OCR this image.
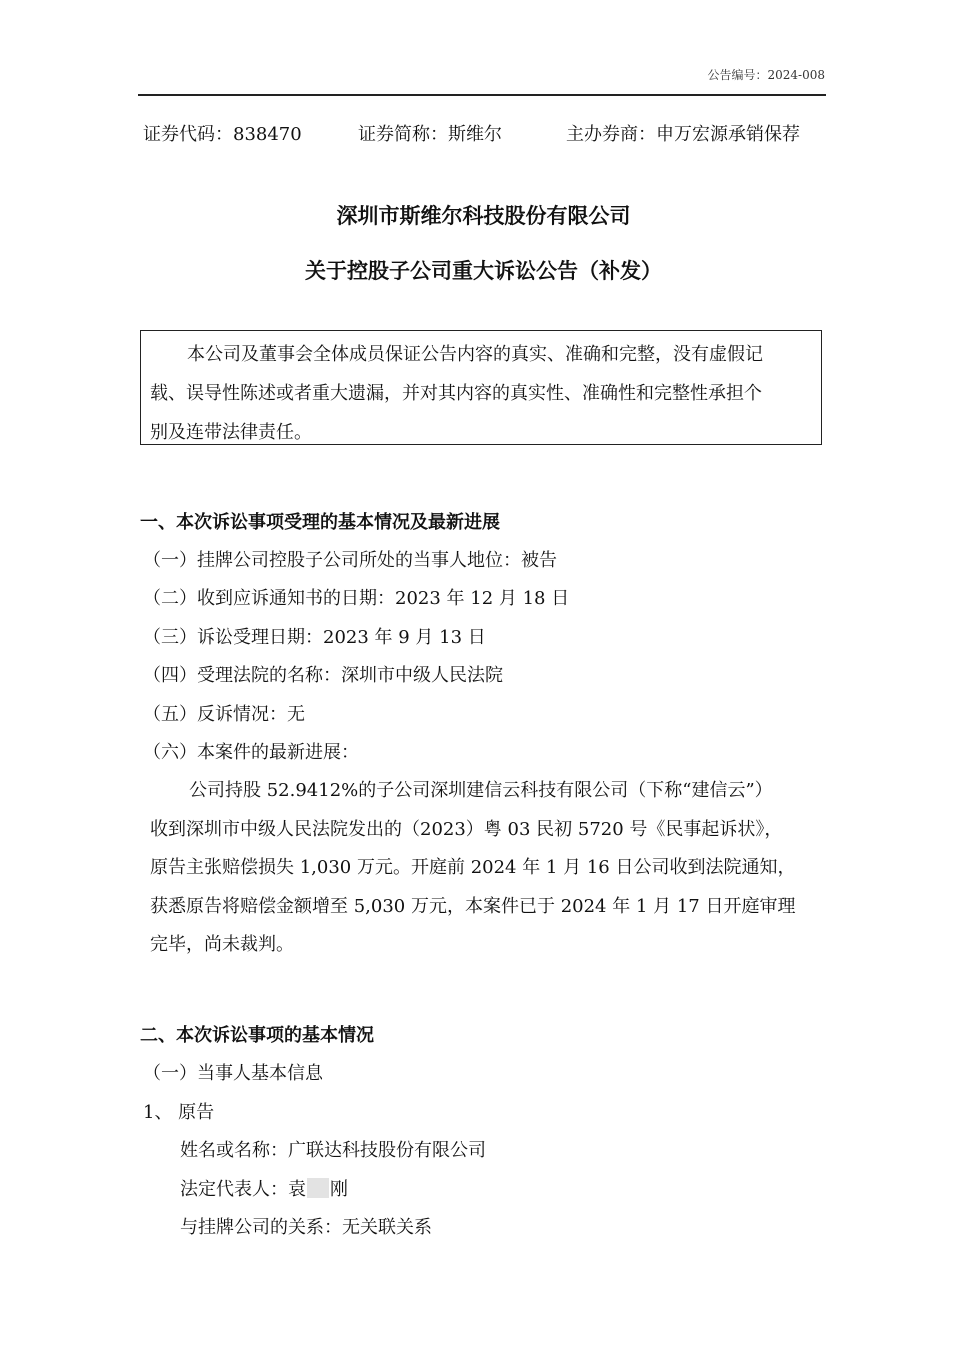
公告编号：2024-008
证券代码：838470	证券简称：斯维尔	主办券商：申万宏源承销保荐
深圳市斯维尔科技股份有限公司
关于控股子公司重大诉讼公告（补发）
本公司及董事会全体成员保证公告内容的真实、准确和完整，没有虚假记
载、误导性陈述或者重大遗漏，并对其内容的真实性、准确性和完整性承担个
别及连带法律责任。
一、本次诉讼事项受理的基本情况及最新进展
（一）挂牌公司控股子公司所处的当事人地位：被告
（二）收到应诉通知书的日期：2023 年 12 月 18 日
（三）诉讼受理日期：2023 年 9 月 13 日
（四）受理法院的名称：深圳市中级人民法院
（五）反诉情况：无
（六）本案件的最新进展：
公司持股 52.9412%的子公司深圳建信云科技有限公司（下称“建信云”）
收到深圳市中级人民法院发出的（2023）粤 03 民初 5720 号《民事起诉状》，
原告主张赔偿损失 1,030 万元。开庭前 2024 年 1 月 16 日公司收到法院通知，
获悉原告将赔偿金额增至 5,030 万元，本案件已于 2024 年 1 月 17 日开庭审理
完毕，尚未裁判。
二、本次诉讼事项的基本情况
（一）当事人基本信息
1、 原告
姓名或名称：广联达科技股份有限公司
法定代表人：袁 刚
与挂牌公司的关系：无关联关系
